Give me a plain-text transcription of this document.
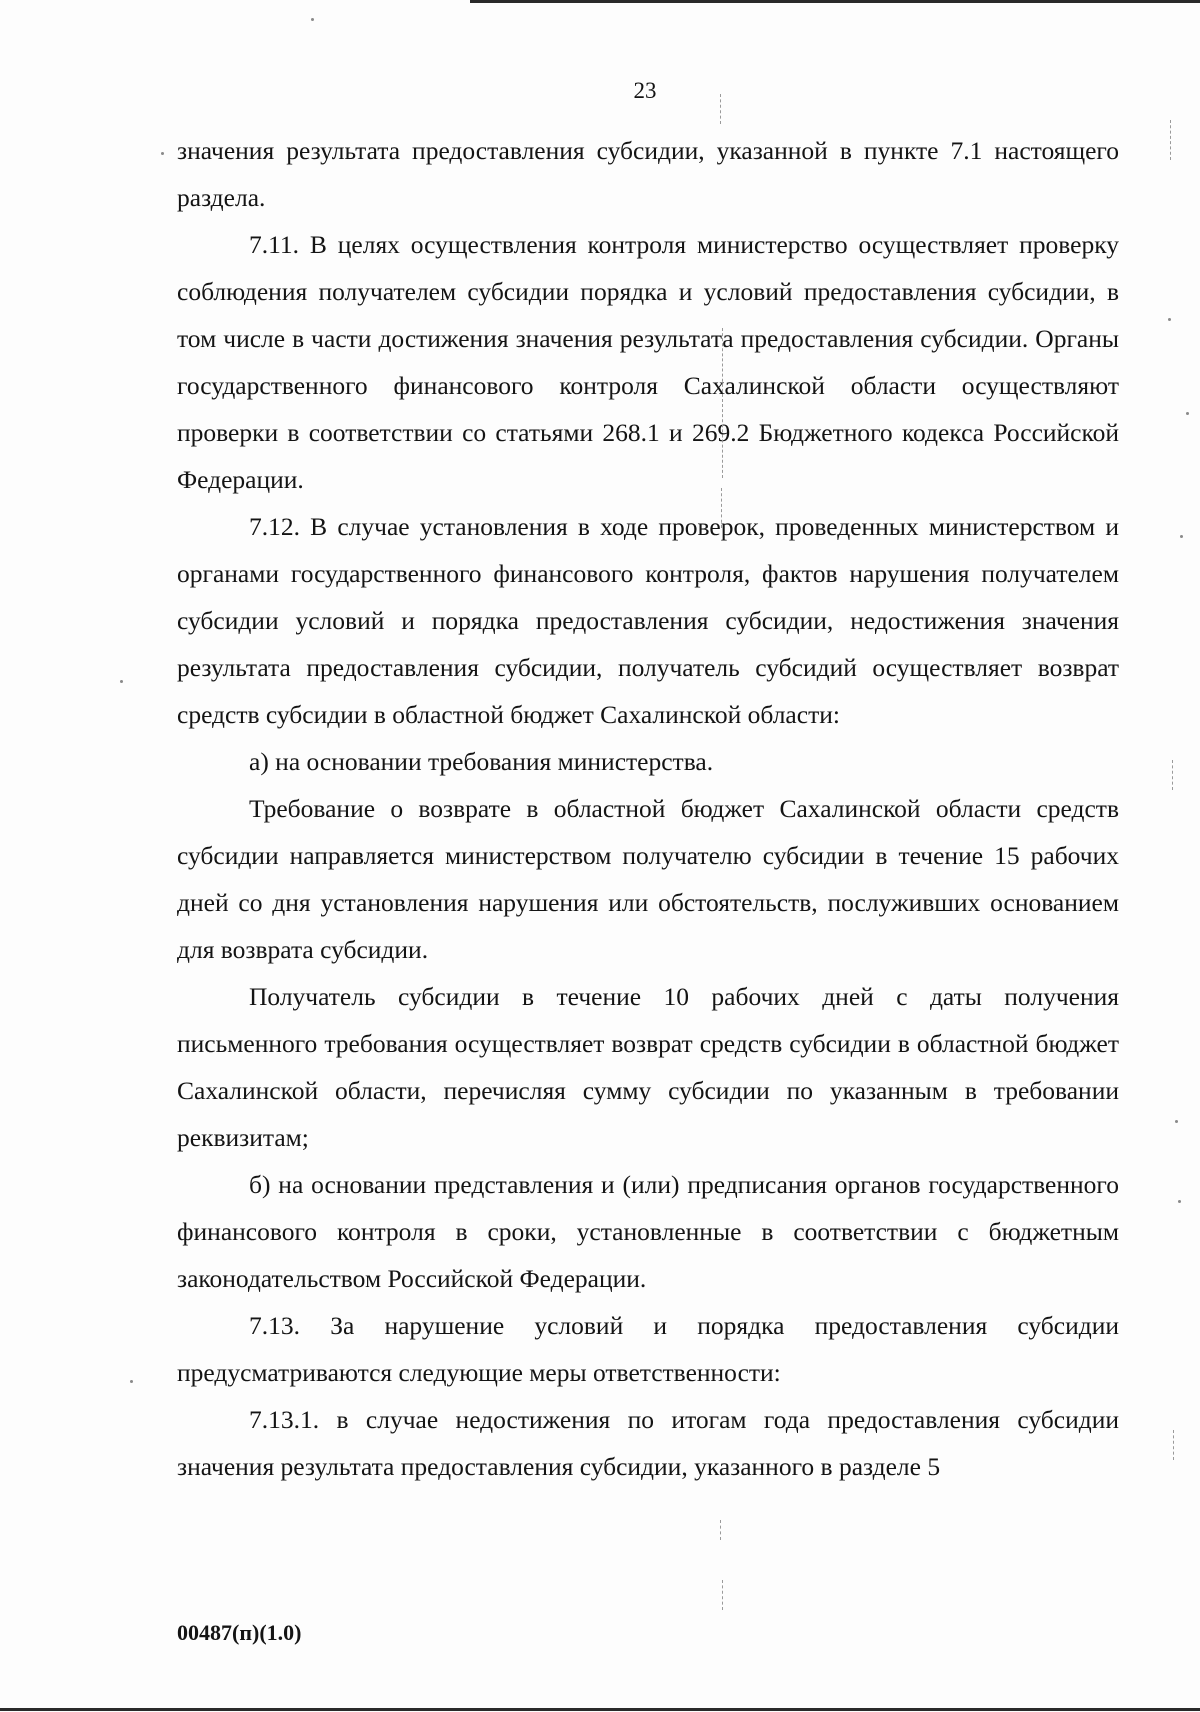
23

значения результата предоставления субсидии, указанной в пункте 7.1 настоящего раздела.

7.11. В целях осуществления контроля министерство осуществляет проверку соблюдения получателем субсидии порядка и условий предоставления субсидии, в том числе в части достижения значения результата предоставления субсидии. Органы государственного финансового контроля Сахалинской области осуществляют проверки в соответствии со статьями 268.1 и 269.2 Бюджетного кодекса Российской Федерации.

7.12. В случае установления в ходе проверок, проведенных министерством и органами государственного финансового контроля, фактов нарушения получателем субсидии условий и порядка предоставления субсидии, недостижения значения результата предоставления субсидии, получатель субсидий осуществляет возврат средств субсидии в областной бюджет Сахалинской области:

а) на основании требования министерства.

Требование о возврате в областной бюджет Сахалинской области средств субсидии направляется министерством получателю субсидии в течение 15 рабочих дней со дня установления нарушения или обстоятельств, послуживших основанием для возврата субсидии.

Получатель субсидии в течение 10 рабочих дней с даты получения письменного требования осуществляет возврат средств субсидии в областной бюджет Сахалинской области, перечисляя сумму субсидии по указанным в требовании реквизитам;

б) на основании представления и (или) предписания органов государственного финансового контроля в сроки, установленные в соответствии с бюджетным законодательством Российской Федерации.

7.13. За нарушение условий и порядка предоставления субсидии предусматриваются следующие меры ответственности:

7.13.1. в случае недостижения по итогам года предоставления субсидии значения результата предоставления субсидии, указанного в разделе 5

00487(п)(1.0)
